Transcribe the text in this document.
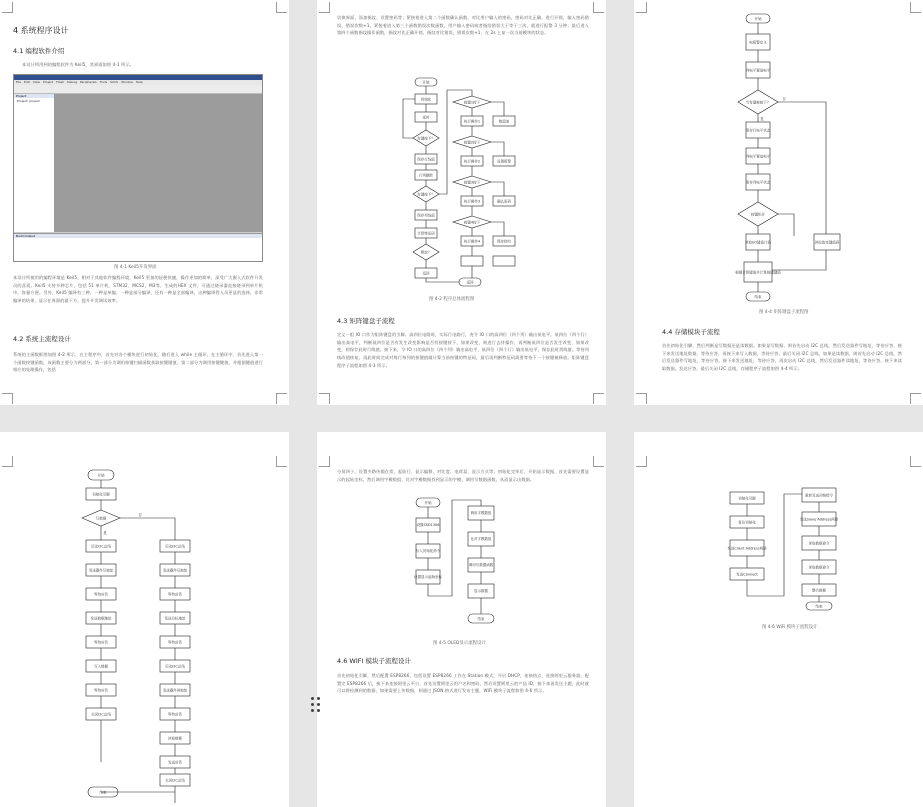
4 系统程序设计
4.1 编程软件介绍
本设计所用到的编程软件为 Keil5，其界面如图 4-1 所示。
File Edit View Project Flash Debug Peripherals Tools SVCS Window Help
Project
Project: project
Build Output
图 4-1 Keil5开发界面
本设计所使用的编程环境是 Keil5，相对于其他软件编程环境，Keil5 更加的轻便快捷，操作更加的简单，深受广大嵌入式软件开发员的喜爱。Keil5 支持多种芯片，包括 51 单片机、STM32、MCS2、M3等，生成的HEX 文件，可通过烧录器直接烧录到单片机中。容量方便。另外，Keil5 编译有三种，一种是单编，一种是部分编译，还有一种是全部编译，这种编译管入员更是的选择，非常编译的结果，显示在界面的最下方，提升开发调试效率。
4.2 系统主流程设计
系统的主函数框图如图 4-2 所示。在主程序中，首先对各个模块进行初始化，随后进入 while 主循环，在主循环中，首先进入第一个函数按键函数，该函数主要分为两部分，第一部分为调用按键扫描函数获取按键键值，第二部分为调用按键键值，并根据键值进行相应的处理操作，包括
切换界面、添加指纹、设置密码等；紧接着进入第二个函数确认函数，对比用户输入的密码，密码对比正确，进行开锁，输入密码错误，错误次数+1，紧接着进入第三个函数错误次数函数，用户输入密码或者指纹错误大于等于三次，就进行报警 3 分钟；最后进入第四个函数指纹操作函数，指纹对比正确开锁，指纹对比错误，错误次数+1，在 2s 上复一次当前模块的状态。
开始
初始化
延时
有键按下？
保存行线值
行列翻转
有键按下？
保存列线值
计算特征码
释放？
返回
返回
按键1按下
执行操作1	数值加
按键2按下
执行操作2	设置报警
按键3按下
执行操作3	确认密码
按键4按下
执行操作4	保存指纹
图 4-2 程序总体流程图
4.3 矩阵键盘子流程
定义一组 IO 口作为矩阵键盘的引脚。高四位电路时，实际行电路行，充令 IO 口的高四位（四个列）输出低电平，低四位（四个行）输出高电平，判断低四位是否有发生改变影响是否有按键按下，如果改变，则进行去抖操作，再判断低四位是否发生改变，如果改变，则保存此时行线值；接下来，令 IO 口的高四位（四个列）输出高电平，低四位（四个行）输出低电平，保存此时列线值。等待列线改值恢复，再此时间完成对每行每列的按键值做计算当前按键的特征码，最后再判断特征码需要等待下一个按键被释放，矩阵键盘程序子流程如图 4-3 所示。
开始
电报警定义
列电平置低电平
当有键被按下？
保存行电平状态
列电平置低电平
保存列电平状态
按键松开
读取I/O键值计码	读取改变键值码
根据计算键值并计算按键键值
结束
否
是
图 4-4 矩阵键盘子流程图
4.4 存储模块子流程
首先初始化引脚，然后判断是写数据还是读数据。如果是写数据，则首先启动 I2C 总线，然后发送器件写地址，等待应答，接下来发送地址数据，等待应答，再接下来写入数据，等待应答，最后关闭 I2C 总线。如果是读数据，则首先启动 I2C 总线，然后发送器件写地址，等待应答，接下来发送地址，等待应答，再次启动 I2C 总线，然后发送器件读地址，等待应答，接下来读取数据，发送应答，最后关闭 I2C 总线，存储程序子流程如图 4-4 所示。
开始
初始化引脚
写数据
否
是
启动I2C总线
发送器件写地址
等待应答
发送数据地址
等待应答
写入数据
等待应答
关闭I2C总线
启动I2C总线
发送器件写地址
等待应答
发送目标地址
等待应答
启动I2C总线
发送器件读地址
等待应答
读取数据
发送应答
关闭I2C总线
结束
分屏四子。设置多路传输在常，起始行、显示偏移、对比度、电荷泵、显示方式等；初始化完毕后，开始显示数据，首先需要设置显示的起始坐标，然后调用字模数组，比对字模数据找到显示的字模，调用写数据函数，从而显示出数据。
开始
设置SSD1306
写入初始化命令
设置显示起始坐标
调用字模数组
比对字模数组
调用写数据函数
显示数据
结束
图 4-5 OLED显示流程设计
4.6 WIFI 模块子流程设计
首先初始化引脚，然后配置 ESP8266，包括设置 ESP8266 工作在 Station 模式，开启 DHCP，连接热点，连接阿里云服务器，配置完 ESP8266 后，接下来连接阿里云平台，首先设置阿里云用户名和密码，然后设置阿里云的产品 ID，接下来再发送主题，此时就可以将检测到的数据，如果需要上传数据，则通过 JSON 格式进行发布主题，WiFi 模块子流程如图 4-6 所示。
初始化引脚
复位初始化
发送Client Address两路
发送Connect
重新发送初始指令
发送Slave Address两路
读取数据命令
读取数据命令
整合数据
结束
图 4-6 WiFi 模块子流程设计
